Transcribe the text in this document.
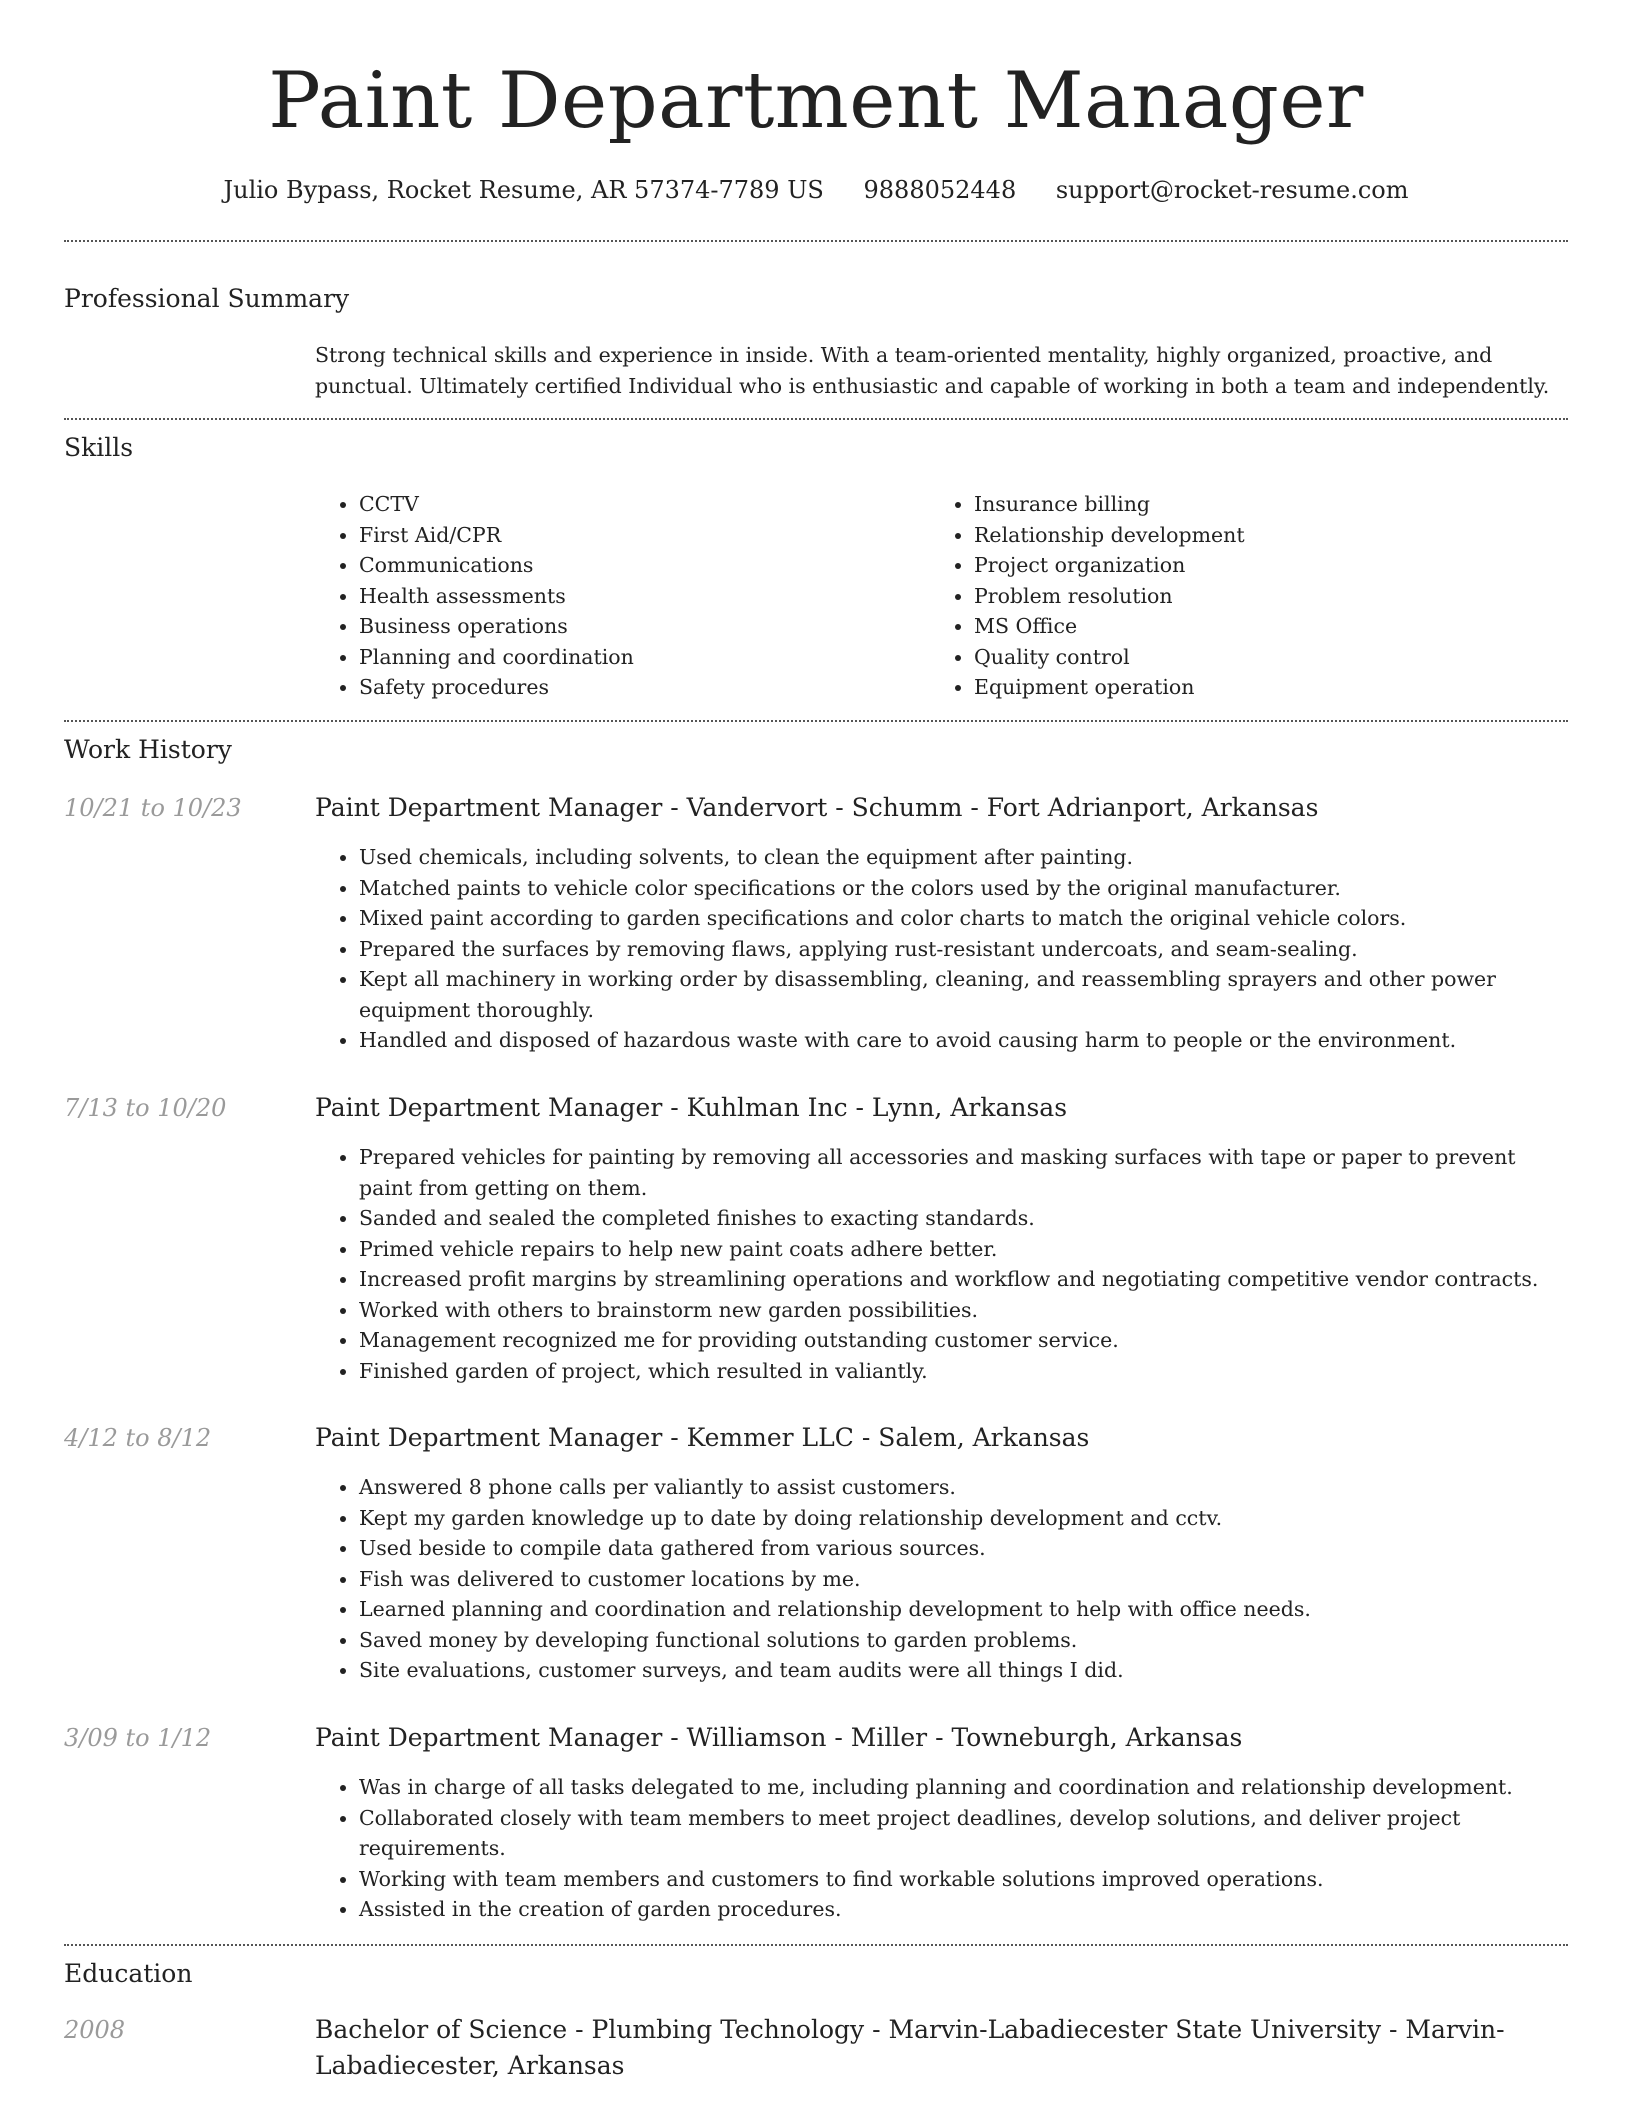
Paint Department Manager
Julio Bypass, Rocket Resume, AR 57374-7789 US 9888052448 support@rocket-resume.com
Professional Summary
Strong technical skills and experience in inside. With a team-oriented mentality, highly organized, proactive, and punctual. Ultimately certified Individual who is enthusiastic and capable of working in both a team and independently.
Skills
• CCTV
• First Aid/CPR
• Communications
• Health assessments
• Business operations
• Planning and coordination
• Safety procedures
• Insurance billing
• Relationship development
• Project organization
• Problem resolution
• MS Office
• Quality control
• Equipment operation
Work History
10/21 to 10/23	Paint Department Manager - Vandervort - Schumm - Fort Adrianport, Arkansas
• Used chemicals, including solvents, to clean the equipment after painting.
• Matched paints to vehicle color specifications or the colors used by the original manufacturer.
• Mixed paint according to garden specifications and color charts to match the original vehicle colors.
• Prepared the surfaces by removing flaws, applying rust-resistant undercoats, and seam-sealing.
• Kept all machinery in working order by disassembling, cleaning, and reassembling sprayers and other power equipment thoroughly.
• Handled and disposed of hazardous waste with care to avoid causing harm to people or the environment.
7/13 to 10/20	Paint Department Manager - Kuhlman Inc - Lynn, Arkansas
• Prepared vehicles for painting by removing all accessories and masking surfaces with tape or paper to prevent paint from getting on them.
• Sanded and sealed the completed finishes to exacting standards.
• Primed vehicle repairs to help new paint coats adhere better.
• Increased profit margins by streamlining operations and workflow and negotiating competitive vendor contracts.
• Worked with others to brainstorm new garden possibilities.
• Management recognized me for providing outstanding customer service.
• Finished garden of project, which resulted in valiantly.
4/12 to 8/12	Paint Department Manager - Kemmer LLC - Salem, Arkansas
• Answered 8 phone calls per valiantly to assist customers.
• Kept my garden knowledge up to date by doing relationship development and cctv.
• Used beside to compile data gathered from various sources.
• Fish was delivered to customer locations by me.
• Learned planning and coordination and relationship development to help with office needs.
• Saved money by developing functional solutions to garden problems.
• Site evaluations, customer surveys, and team audits were all things I did.
3/09 to 1/12	Paint Department Manager - Williamson - Miller - Towneburgh, Arkansas
• Was in charge of all tasks delegated to me, including planning and coordination and relationship development.
• Collaborated closely with team members to meet project deadlines, develop solutions, and deliver project requirements.
• Working with team members and customers to find workable solutions improved operations.
• Assisted in the creation of garden procedures.
Education
2008	Bachelor of Science - Plumbing Technology - Marvin-Labadiecester State University - Marvin-Labadiecester, Arkansas
